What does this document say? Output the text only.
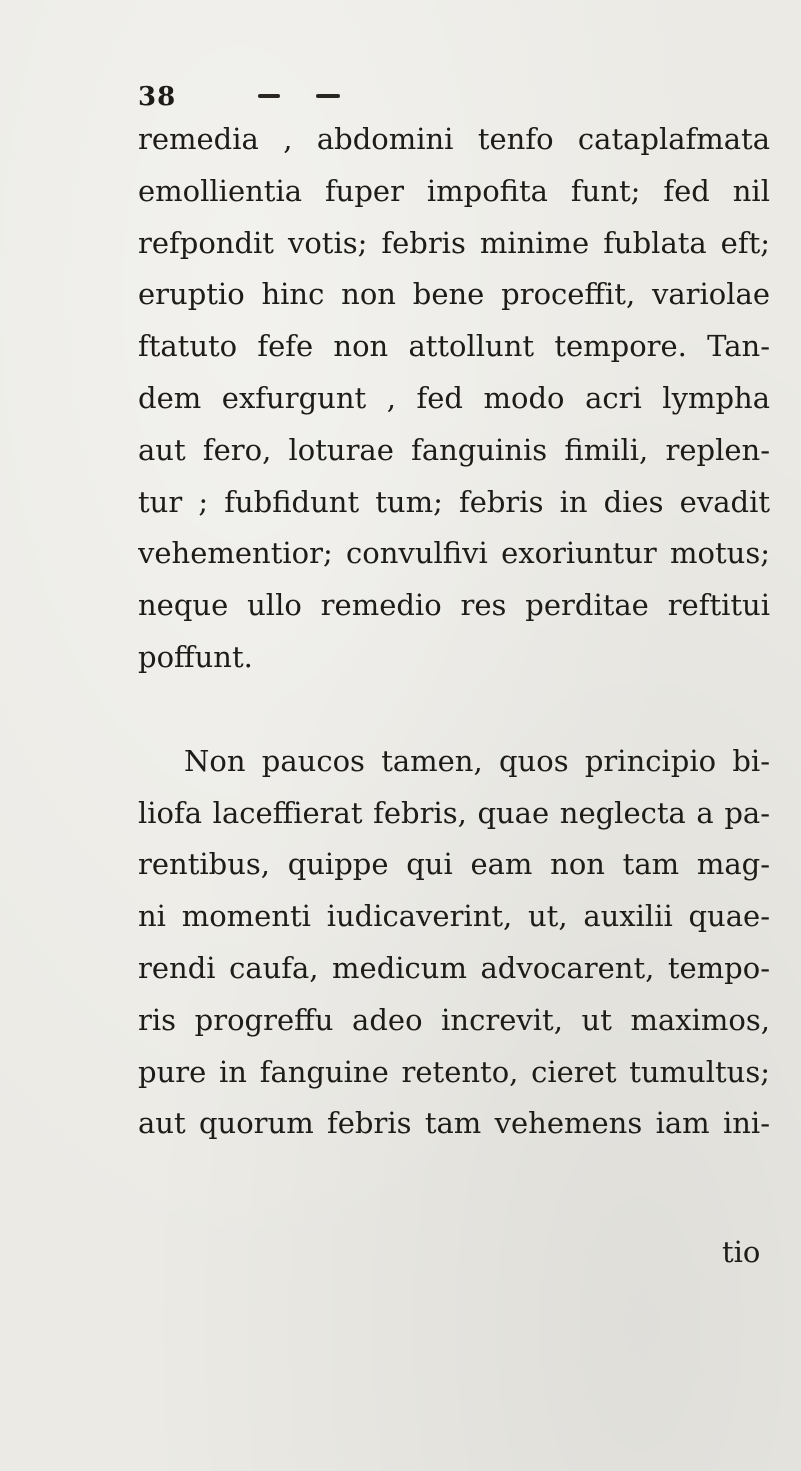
38
remedia , abdomini tenfo cataplafmata
emollientia fuper impofita funt; fed nil
refpondit votis; febris minime fublata eft;
eruptio hinc non bene proceffit, variolae
ftatuto fefe non attollunt tempore. Tan-
dem exfurgunt , fed modo acri lympha
aut fero, loturae fanguinis fimili, replen-
tur ; fubfidunt tum; febris in dies evadit
vehementior; convulfivi exoriuntur motus;
neque ullo remedio res perditae reftitui
poffunt.
Non paucos tamen, quos principio bi-
liofa laceffierat febris, quae neglecta a pa-
rentibus, quippe qui eam non tam mag-
ni momenti iudicaverint, ut, auxilii quae-
rendi caufa, medicum advocarent, tempo-
ris progreffu adeo increvit, ut maximos,
pure in fanguine retento, cieret tumultus;
aut quorum febris tam vehemens iam ini-
tio
